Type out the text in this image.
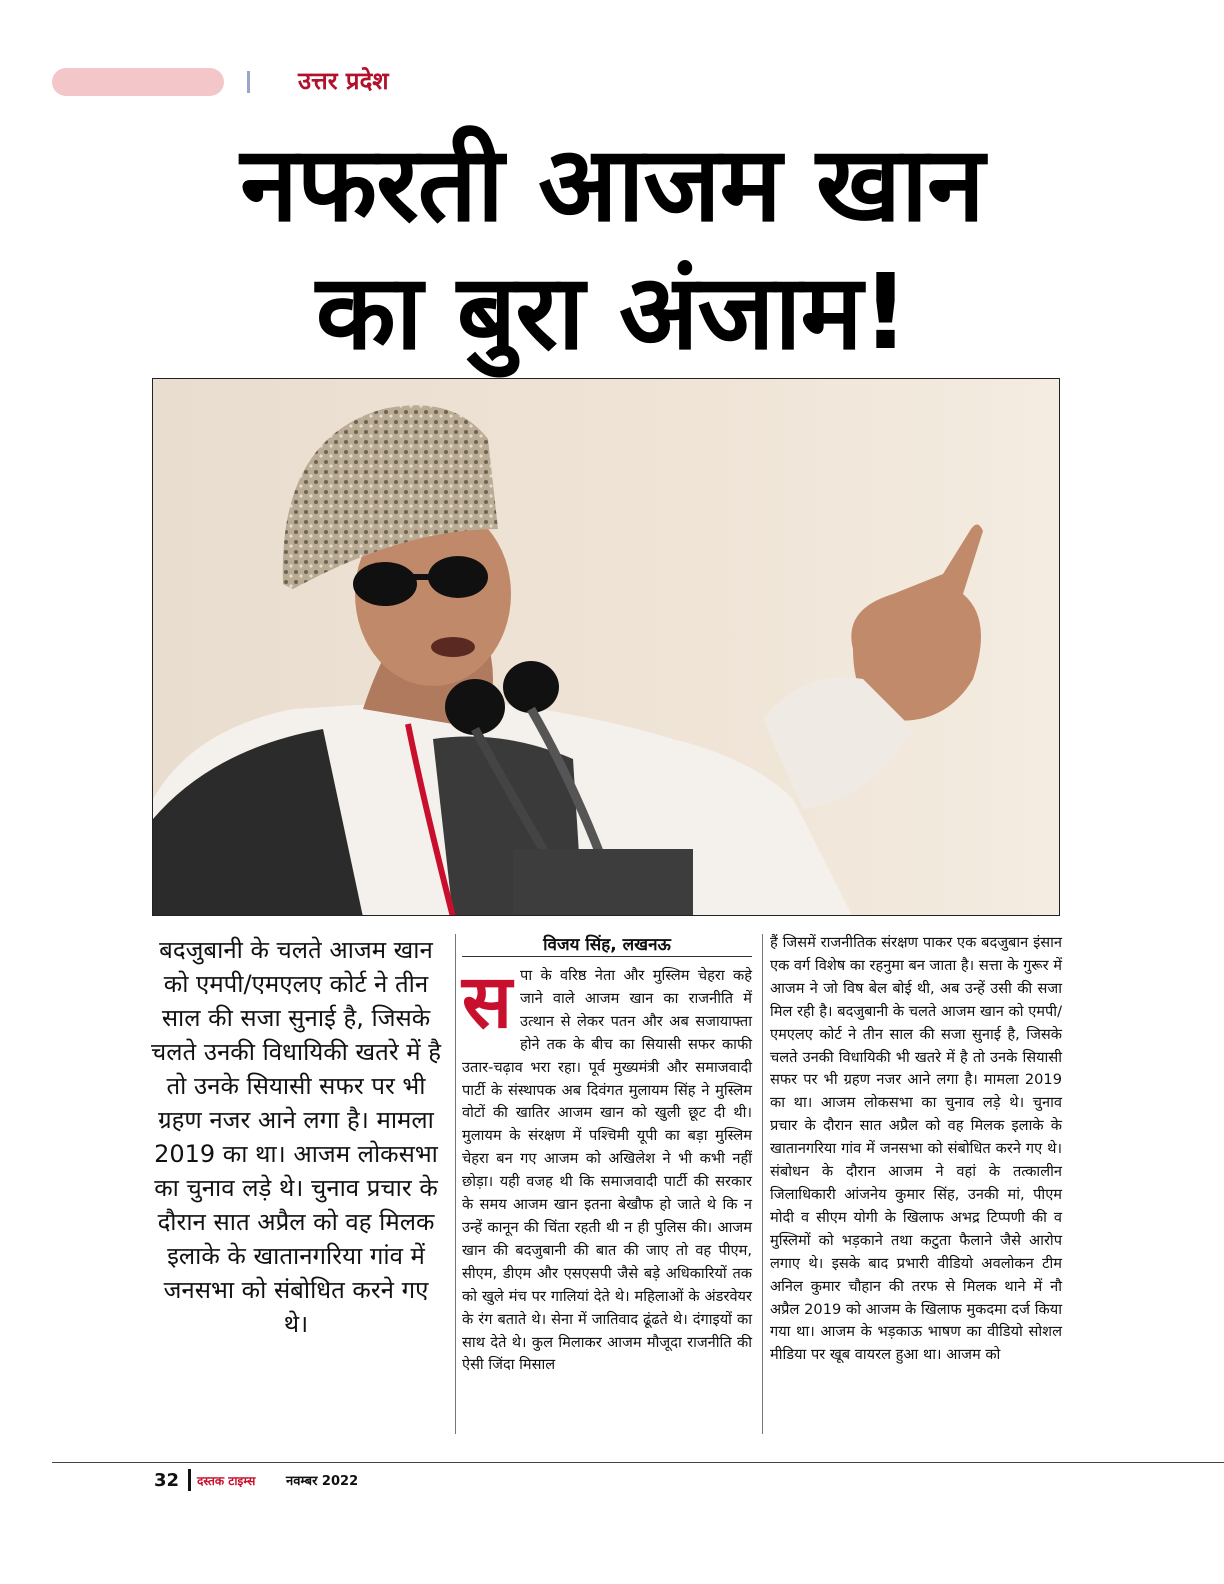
उत्तर प्रदेश
नफरती आजम खान
का बुरा अंजाम!
बदजुबानी के चलते आजम खान को एमपी/एमएलए कोर्ट ने तीन साल की सजा सुनाई है, जिसके चलते उनकी विधायिकी खतरे में है तो उनके सियासी सफर पर भी ग्रहण नजर आने लगा है। मामला 2019 का था। आजम लोकसभा का चुनाव लड़े थे। चुनाव प्रचार के दौरान सात अप्रैल को वह मिलक इलाके के खातानगरिया गांव में जनसभा को संबोधित करने गए थे।
विजय सिंह, लखनऊ
स पा के वरिष्ठ नेता और मुस्लिम चेहरा कहे जाने वाले आजम खान का राजनीति में उत्थान से लेकर पतन और अब सजायाफ्ता होने तक के बीच का सियासी सफर काफी उतार-चढ़ाव भरा रहा। पूर्व मुख्यमंत्री और समाजवादी पार्टी के संस्थापक अब दिवंगत मुलायम सिंह ने मुस्लिम वोटों की खातिर आजम खान को खुली छूट दी थी। मुलायम के संरक्षण में पश्चिमी यूपी का बड़ा मुस्लिम चेहरा बन गए आजम को अखिलेश ने भी कभी नहीं छोड़ा। यही वजह थी कि समाजवादी पार्टी की सरकार के समय आजम खान इतना बेखौफ हो जाते थे कि न उन्हें कानून की चिंता रहती थी न ही पुलिस की। आजम खान की बदजुबानी की बात की जाए तो वह पीएम, सीएम, डीएम और एसएसपी जैसे बड़े अधिकारियों तक को खुले मंच पर गालियां देते थे। महिलाओं के अंडरवेयर के रंग बताते थे। सेना में जातिवाद ढूंढते थे। दंगाइयों का साथ देते थे। कुल मिलाकर आजम मौजूदा राजनीति की ऐसी जिंदा मिसाल

हैं जिसमें राजनीतिक संरक्षण पाकर एक बदजुबान इंसान एक वर्ग विशेष का रहनुमा बन जाता है। सत्ता के गुरूर में आजम ने जो विष बेल बोई थी, अब उन्हें उसी की सजा मिल रही है। बदजुबानी के चलते आजम खान को एमपी/एमएलए कोर्ट ने तीन साल की सजा सुनाई है, जिसके चलते उनकी विधायिकी भी खतरे में है तो उनके सियासी सफर पर भी ग्रहण नजर आने लगा है। मामला 2019 का था। आजम लोकसभा का चुनाव लड़े थे। चुनाव प्रचार के दौरान सात अप्रैल को वह मिलक इलाके के खातानगरिया गांव में जनसभा को संबोधित करने गए थे। संबोधन के दौरान आजम ने वहां के तत्कालीन जिलाधिकारी आंजनेय कुमार सिंह, उनकी मां, पीएम मोदी व सीएम योगी के खिलाफ अभद्र टिप्पणी की व मुस्लिमों को भड़काने तथा कटुता फैलाने जैसे आरोप लगाए थे। इसके बाद प्रभारी वीडियो अवलोकन टीम अनिल कुमार चौहान की तरफ से मिलक थाने में नौ अप्रैल 2019 को आजम के खिलाफ मुकदमा दर्ज किया गया था। आजम के भड़काऊ भाषण का वीडियो सोशल मीडिया पर खूब वायरल हुआ था। आजम को

32 दस्तक टाइम्स नवम्बर 2022
